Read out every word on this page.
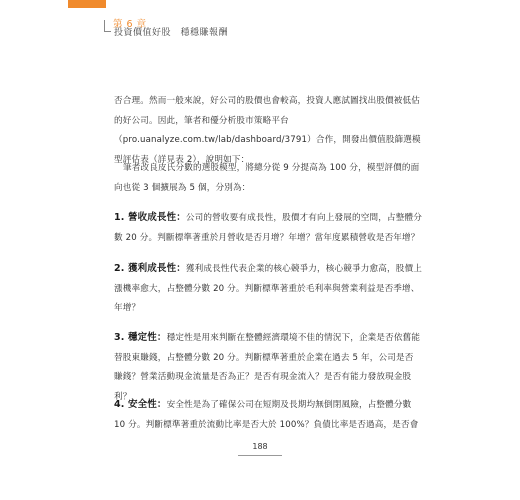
第 6 章
投資價值好股　穩穩賺報酬
否合理。然而一般來說，好公司的股價也會較高，投資人應試圖找出股價被低估的好公司。因此，筆者和優分析股市策略平台（pro.uanalyze.com.tw/lab/dashboard/3791）合作，開發出價值股篩選模型評估表（詳見表 2），說明如下：
筆者改良皮氏分數的選股模型，將總分從 9 分提高為 100 分，模型評價的面向也從 3 個擴展為 5 個，分別為：
1. 營收成長性：公司的營收要有成長性，股價才有向上發展的空間，占整體分數 20 分。判斷標準著重於月營收是否月增？年增？當年度累積營收是否年增？
2. 獲利成長性：獲利成長性代表企業的核心競爭力，核心競爭力愈高，股價上漲機率愈大，占整體分數 20 分。判斷標準著重於毛利率與營業利益是否季增、年增？
3. 穩定性：穩定性是用來判斷在整體經濟環境不佳的情況下，企業是否依舊能替股東賺錢，占整體分數 20 分。判斷標準著重於企業在過去 5 年，公司是否賺錢？營業活動現金流量是否為正？是否有現金流入？是否有能力發放現金股利？
4. 安全性：安全性是為了確保公司在短期及長期均無倒閉風險，占整體分數 10 分。判斷標準著重於流動比率是否大於 100%？負債比率是否過高，是否會
188
